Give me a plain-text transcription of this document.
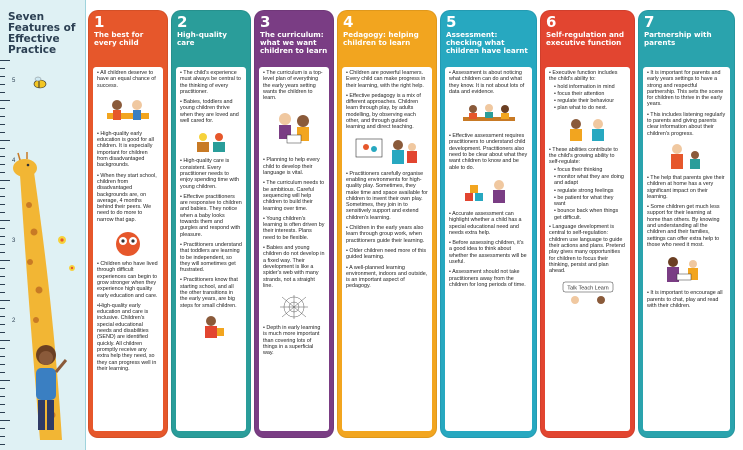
Seven Features of Effective Practice
5
4
3
2
1
The best for every child
• All children deserve to have an equal chance of success.
• High-quality early education is good for all children. It is especially important for children from disadvantaged backgrounds.
• When they start school, children from disadvantaged backgrounds are, on average, 4 months behind their peers. We need to do more to narrow that gap.
• Children who have lived through difficult experiences can begin to grow stronger when they experience high quality early education and care.
•High-quality early education and care is inclusive. Children's special educational needs and disabilities (SEND) are identified quickly. All children promptly receive any extra help they need, so they can progress well in their learning.
2
High-quality care
• The child's experience must always be central to the thinking of every practitioner.
• Babies, toddlers and young children thrive when they are loved and well cared for.
• High-quality care is consistent. Every practitioner needs to enjoy spending time with young children.
• Effective practitioners are responsive to children and babies. They notice when a baby looks towards them and gurgles and respond with pleasure.
• Practitioners understand that toddlers are learning to be independent, so they will sometimes get frustrated.
• Practitioners know that starting school, and all the other transitions in the early years, are big steps for small children.
3
The curriculum: what we want children to learn
• The curriculum is a top-level plan of everything the early years setting wants the children to learn.
• Planning to help every child to develop their language is vital.
• The curriculum needs to be ambitious. Careful sequencing will help children to build their learning over time.
• Young children's learning is often driven by their interests. Plans need to be flexible.
• Babies and young children do not develop in a fixed way. Their development is like a spider's web with many strands, not a straight line.
• Depth in early learning is much more important than covering lots of things in a superficial way.
4
Pedagogy: helping children to learn
• Children are powerful learners. Every child can make progress in their learning, with the right help.
• Effective pedagogy is a mix of different approaches. Children learn through play, by adults modelling, by observing each other, and through guided learning and direct teaching.
• Practitioners carefully organise enabling environments for high-quality play. Sometimes, they make time and space available for children to invent their own play. Sometimes, they join in to sensitively support and extend children's learning.
• Children in the early years also learn through group work, when practitioners guide their learning.
• Older children need more of this guided learning.
• A well-planned learning environment, indoors and outside, is an important aspect of pedagogy.
5
Assessment: checking what children have learnt
• Assessment is about noticing what children can do and what they know. It is not about lots of data and evidence.
• Effective assessment requires practitioners to understand child development. Practitioners also need to be clear about what they want children to know and be able to do.
• Accurate assessment can highlight whether a child has a special educational need and needs extra help.
• Before assessing children, it's a good idea to think about whether the assessments will be useful.
• Assessment should not take practitioners away from the children for long periods of time.
6
Self-regulation and executive function
• Executive function includes the child's ability to:
• hold information in mind
• focus their attention
• regulate their behaviour
• plan what to do next.
• These abilities contribute to the child's growing ability to self-regulate:
• focus their thinking
• monitor what they are doing and adapt
• regulate strong feelings
• be patient for what they want
• bounce back when things get difficult.
• Language development is central to self-regulation: children use language to guide their actions and plans. Pretend play gives many opportunities for children to focus their thinking, persist and plan ahead.
Talk Teach Learn
7
Partnership with parents
• It is important for parents and early years settings to have a strong and respectful partnership. This sets the scene for children to thrive in the early years.
• This includes listening regularly to parents and giving parents clear information about their children's progress.
• The help that parents give their children at home has a very significant impact on their learning.
• Some children get much less support for their learning at home than others. By knowing and understanding all the children and their families, settings can offer extra help to those who need it most.
• It is important to encourage all parents to chat, play and read with their children.
